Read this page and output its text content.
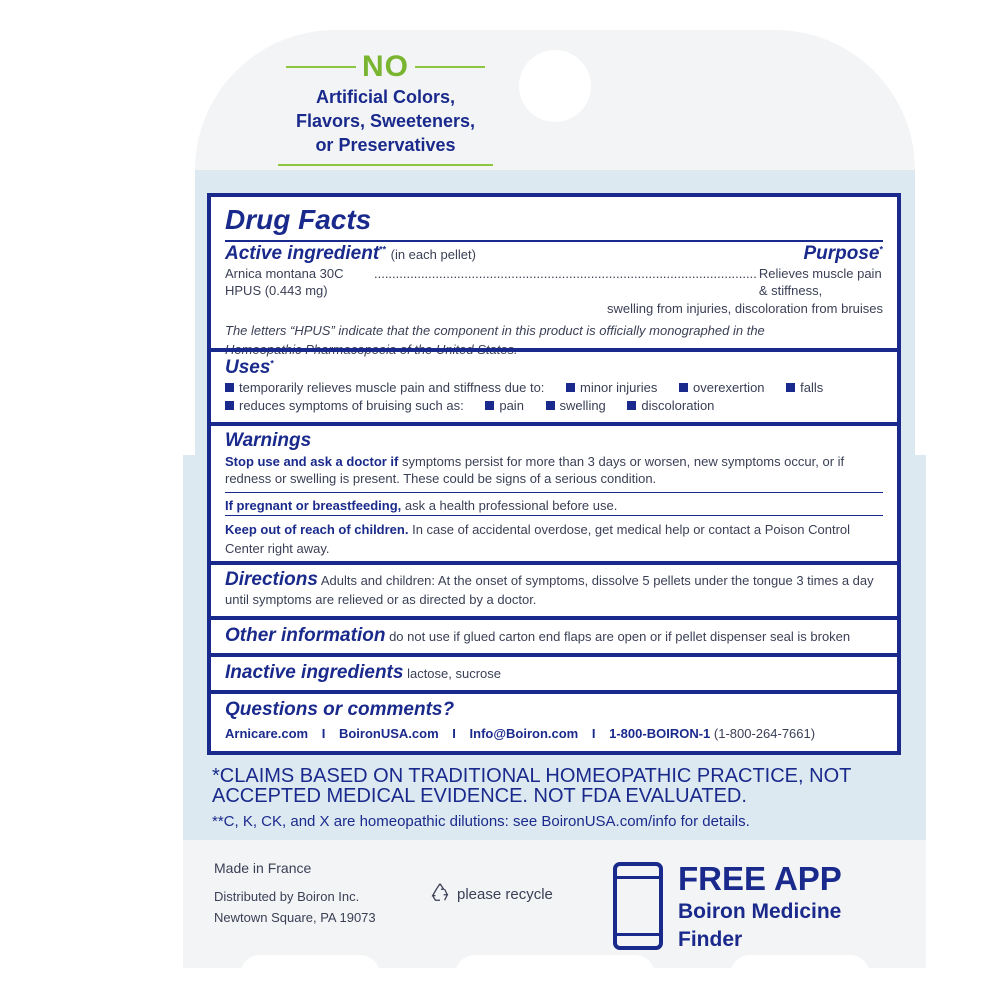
NO
Artificial Colors,
Flavors, Sweeteners,
or Preservatives
Drug Facts
Active ingredient** (in each pellet)	Purpose*
Arnica montana 30C HPUS (0.443 mg)
.......................................................................................................... Relieves muscle pain & stiffness,
swelling from injuries, discoloration from bruises
The letters “HPUS” indicate that the component in this product is officially monographed in the
Uses*
temporarily relieves muscle pain and stiffness due to:	minor injuries	overexertion	falls
reduces symptoms of bruising such as:	pain	swelling	discoloration
Warnings
Stop use and ask a doctor if symptoms persist for more than 3 days or worsen, new symptoms occur, or if redness or swelling is present. These could be signs of a serious condition.
If pregnant or breastfeeding, ask a health professional before use.
Keep out of reach of children. In case of accidental overdose, get medical help or contact a Poison Control Center right away.
Directions Adults and children: At the onset of symptoms, dissolve 5 pellets under the tongue 3 times a day until symptoms are relieved or as directed by a doctor.
Other information do not use if glued carton end flaps are open or if pellet dispenser seal is broken
Inactive ingredients lactose, sucrose
Questions or comments?
Arnicare.com I BoironUSA.com I Info@Boiron.com I 1-800-BOIRON-1 (1-800-264-7661)
*CLAIMS BASED ON TRADITIONAL HOMEOPATHIC PRACTICE, NOT ACCEPTED MEDICAL EVIDENCE. NOT FDA EVALUATED.
**C, K, CK, and X are homeopathic dilutions: see BoironUSA.com/info for details.
Made in France
Distributed by Boiron Inc.
Newtown Square, PA 19073
please recycle	FREE APP
Boiron Medicine
Finder
